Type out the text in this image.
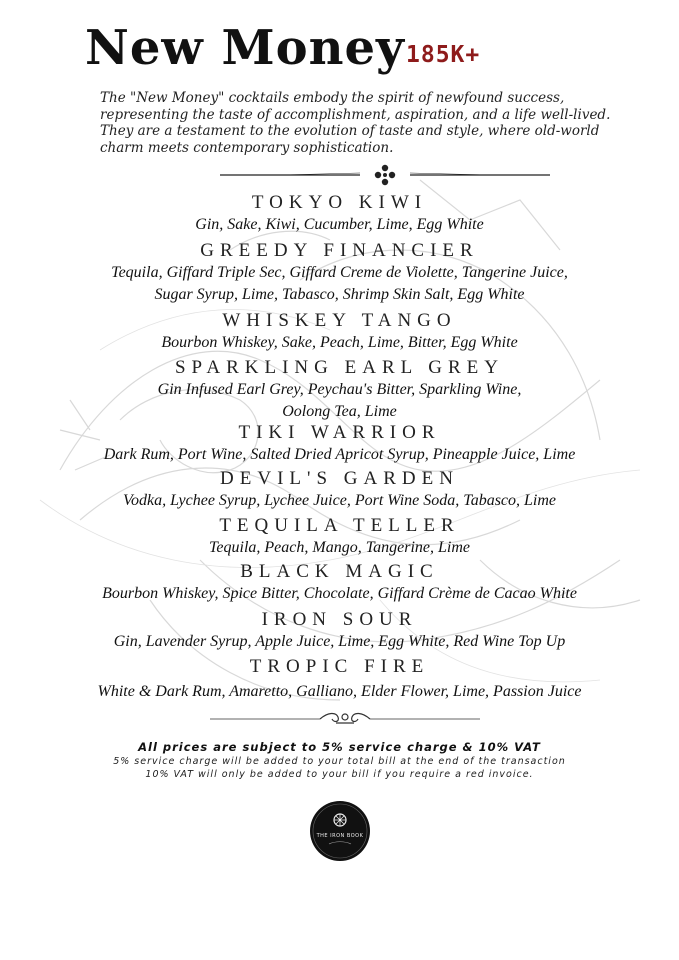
New Money 185K+
The "New Money" cocktails embody the spirit of newfound success, representing the taste of accomplishment, aspiration, and a life well-lived. They are a testament to the evolution of taste and style, where old-world charm meets contemporary sophistication.
TOKYO KIWI
Gin, Sake, Kiwi, Cucumber, Lime, Egg White
GREEDY FINANCIER
Tequila, Giffard Triple Sec, Giffard Creme de Violette, Tangerine Juice,
Sugar Syrup, Lime, Tabasco, Shrimp Skin Salt, Egg White
WHISKEY TANGO
Bourbon Whiskey, Sake, Peach, Lime, Bitter, Egg White
SPARKLING EARL GREY
Gin Infused Earl Grey, Peychau's Bitter, Sparkling Wine,
Oolong Tea, Lime
TIKI WARRIOR
Dark Rum, Port Wine, Salted Dried Apricot Syrup, Pineapple Juice, Lime
DEVIL'S GARDEN
Vodka, Lychee Syrup, Lychee Juice, Port Wine Soda, Tabasco, Lime
TEQUILA TELLER
Tequila, Peach, Mango, Tangerine, Lime
BLACK MAGIC
Bourbon Whiskey, Spice Bitter, Chocolate, Giffard Crème de Cacao White
IRON SOUR
Gin, Lavender Syrup, Apple Juice, Lime, Egg White, Red Wine Top Up
TROPIC FIRE
White & Dark Rum, Amaretto, Galliano, Elder Flower, Lime, Passion Juice
All prices are subject to 5% service charge & 10% VAT
5% service charge will be added to your total bill at the end of the transaction
10% VAT will only be added to your bill if you require a red invoice.
THE IRON BOOK
